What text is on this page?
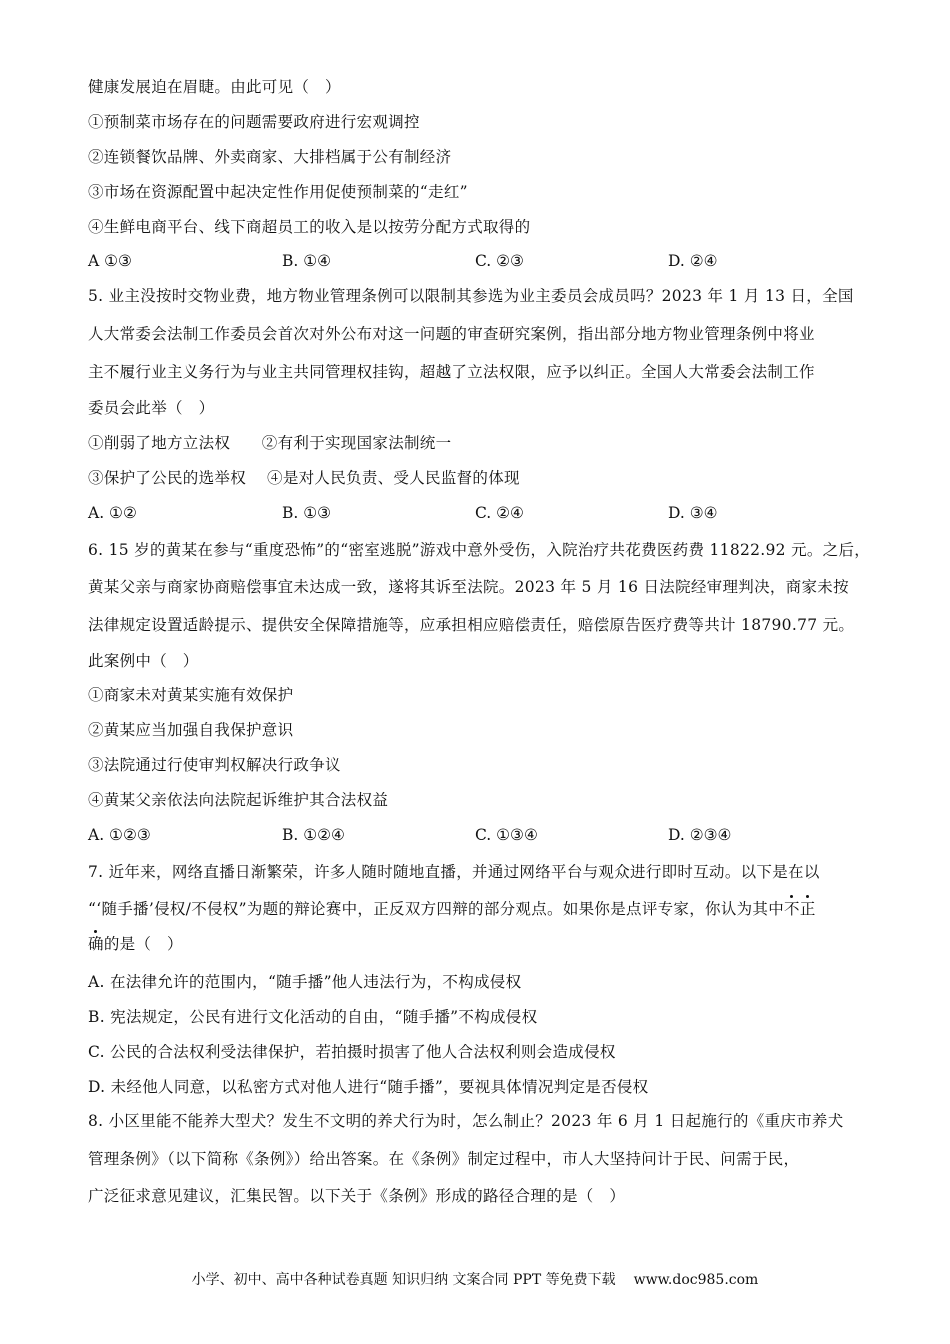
健康发展迫在眉睫。由此可见（　）
①预制菜市场存在的问题需要政府进行宏观调控
②连锁餐饮品牌、外卖商家、大排档属于公有制经济
③市场在资源配置中起决定性作用促使预制菜的“走红”
④生鲜电商平台、线下商超员工的收入是以按劳分配方式取得的
A ①③	B. ①④	C. ②③	D. ②④
5. 业主没按时交物业费，地方物业管理条例可以限制其参选为业主委员会成员吗？2023 年 1 月 13 日，全国
人大常委会法制工作委员会首次对外公布对这一问题的审查研究案例，指出部分地方物业管理条例中将业
主不履行业主义务行为与业主共同管理权挂钩，超越了立法权限，应予以纠正。全国人大常委会法制工作
委员会此举（　）
①削弱了地方立法权　　②有利于实现国家法制统一
③保护了公民的选举权　 ④是对人民负责、受人民监督的体现
A. ①②	B. ①③	C. ②④	D. ③④
6. 15 岁的黄某在参与“重度恐怖”的“密室逃脱”游戏中意外受伤，入院治疗共花费医药费 11822.92 元。之后，
黄某父亲与商家协商赔偿事宜未达成一致，遂将其诉至法院。2023 年 5 月 16 日法院经审理判决，商家未按
法律规定设置适龄提示、提供安全保障措施等，应承担相应赔偿责任，赔偿原告医疗费等共计 18790.77 元。
此案例中（　）
①商家未对黄某实施有效保护
②黄某应当加强自我保护意识
③法院通过行使审判权解决行政争议
④黄某父亲依法向法院起诉维护其合法权益
A. ①②③	B. ①②④	C. ①③④	D. ②③④
7. 近年来，网络直播日渐繁荣，许多人随时随地直播，并通过网络平台与观众进行即时互动。以下是在以
“‘随手播’侵权/不侵权”为题的辩论赛中，正反双方四辩的部分观点。如果你是点评专家，你认为其中不正
确的是（　）
A. 在法律允许的范围内，“随手播”他人违法行为，不构成侵权
B. 宪法规定，公民有进行文化活动的自由，“随手播”不构成侵权
C. 公民的合法权利受法律保护，若拍摄时损害了他人合法权利则会造成侵权
D. 未经他人同意，以私密方式对他人进行“随手播”，要视具体情况判定是否侵权
8. 小区里能不能养大型犬？发生不文明的养犬行为时，怎么制止？2023 年 6 月 1 日起施行的《重庆市养犬
管理条例》（以下简称《条例》）给出答案。在《条例》制定过程中，市人大坚持问计于民、问需于民，
广泛征求意见建议，汇集民智。以下关于《条例》形成的路径合理的是（　）
小学、初中、高中各种试卷真题 知识归纳 文案合同 PPT 等免费下载 www.doc985.com
